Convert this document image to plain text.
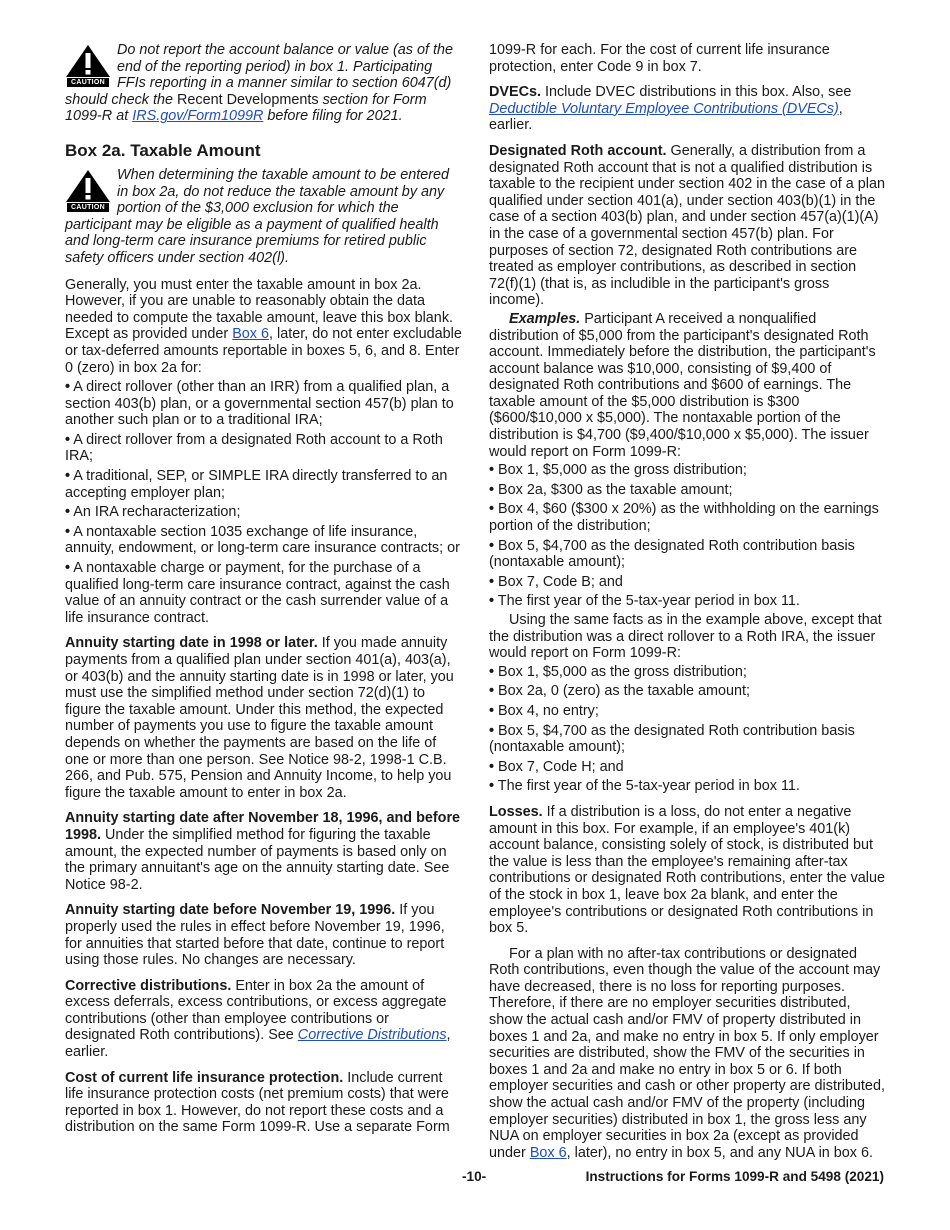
CAUTION
Do not report the account balance or value (as of the end of the reporting period) in box 1. Participating FFIs reporting in a manner similar to section 6047(d) should check the Recent Developments section for Form 1099-R at IRS.gov/Form1099R before filing for 2021.
Box 2a. Taxable Amount
CAUTION
When determining the taxable amount to be entered in box 2a, do not reduce the taxable amount by any portion of the $3,000 exclusion for which the participant may be eligible as a payment of qualified health and long-term care insurance premiums for retired public safety officers under section 402(l).

Generally, you must enter the taxable amount in box 2a. However, if you are unable to reasonably obtain the data needed to compute the taxable amount, leave this box blank. Except as provided under Box 6, later, do not enter excludable or tax-deferred amounts reportable in boxes 5, 6, and 8. Enter 0 (zero) in box 2a for:

• A direct rollover (other than an IRR) from a qualified plan, a section 403(b) plan, or a governmental section 457(b) plan to another such plan or to a traditional IRA;
• A direct rollover from a designated Roth account to a Roth IRA;
• A traditional, SEP, or SIMPLE IRA directly transferred to an accepting employer plan;
• An IRA recharacterization;
• A nontaxable section 1035 exchange of life insurance, annuity, endowment, or long-term care insurance contracts; or
• A nontaxable charge or payment, for the purchase of a qualified long-term care insurance contract, against the cash value of an annuity contract or the cash surrender value of a life insurance contract.

Annuity starting date in 1998 or later. If you made annuity payments from a qualified plan under section 401(a), 403(a), or 403(b) and the annuity starting date is in 1998 or later, you must use the simplified method under section 72(d)(1) to figure the taxable amount. Under this method, the expected number of payments you use to figure the taxable amount depends on whether the payments are based on the life of one or more than one person. See Notice 98-2, 1998-1 C.B. 266, and Pub. 575, Pension and Annuity Income, to help you figure the taxable amount to enter in box 2a.

Annuity starting date after November 18, 1996, and before 1998. Under the simplified method for figuring the taxable amount, the expected number of payments is based only on the primary annuitant's age on the annuity starting date. See Notice 98-2.

Annuity starting date before November 19, 1996. If you properly used the rules in effect before November 19, 1996, for annuities that started before that date, continue to report using those rules. No changes are necessary.

Corrective distributions. Enter in box 2a the amount of excess deferrals, excess contributions, or excess aggregate contributions (other than employee contributions or designated Roth contributions). See Corrective Distributions, earlier.

Cost of current life insurance protection. Include current life insurance protection costs (net premium costs) that were reported in box 1. However, do not report these costs and a distribution on the same Form 1099-R. Use a separate Form

1099-R for each. For the cost of current life insurance protection, enter Code 9 in box 7.

DVECs. Include DVEC distributions in this box. Also, see Deductible Voluntary Employee Contributions (DVECs), earlier.

Designated Roth account. Generally, a distribution from a designated Roth account that is not a qualified distribution is taxable to the recipient under section 402 in the case of a plan qualified under section 401(a), under section 403(b)(1) in the case of a section 403(b) plan, and under section 457(a)(1)(A) in the case of a governmental section 457(b) plan. For purposes of section 72, designated Roth contributions are treated as employer contributions, as described in section 72(f)(1) (that is, as includible in the participant's gross income).

Examples. Participant A received a nonqualified distribution of $5,000 from the participant's designated Roth account. Immediately before the distribution, the participant's account balance was $10,000, consisting of $9,400 of designated Roth contributions and $600 of earnings. The taxable amount of the $5,000 distribution is $300 ($600/$10,000 x $5,000). The nontaxable portion of the distribution is $4,700 ($9,400/$10,000 x $5,000). The issuer would report on Form 1099-R:

• Box 1, $5,000 as the gross distribution;
• Box 2a, $300 as the taxable amount;
• Box 4, $60 ($300 x 20%) as the withholding on the earnings portion of the distribution;
• Box 5, $4,700 as the designated Roth contribution basis (nontaxable amount);
• Box 7, Code B; and
• The first year of the 5-tax-year period in box 11.

Using the same facts as in the example above, except that the distribution was a direct rollover to a Roth IRA, the issuer would report on Form 1099-R:

• Box 1, $5,000 as the gross distribution;
• Box 2a, 0 (zero) as the taxable amount;
• Box 4, no entry;
• Box 5, $4,700 as the designated Roth contribution basis (nontaxable amount);
• Box 7, Code H; and
• The first year of the 5-tax-year period in box 11.

Losses. If a distribution is a loss, do not enter a negative amount in this box. For example, if an employee's 401(k) account balance, consisting solely of stock, is distributed but the value is less than the employee's remaining after-tax contributions or designated Roth contributions, enter the value of the stock in box 1, leave box 2a blank, and enter the employee's contributions or designated Roth contributions in box 5.

For a plan with no after-tax contributions or designated Roth contributions, even though the value of the account may have decreased, there is no loss for reporting purposes. Therefore, if there are no employer securities distributed, show the actual cash and/or FMV of property distributed in boxes 1 and 2a, and make no entry in box 5. If only employer securities are distributed, show the FMV of the securities in boxes 1 and 2a and make no entry in box 5 or 6. If both employer securities and cash or other property are distributed, show the actual cash and/or FMV of the property (including employer securities) distributed in box 1, the gross less any NUA on employer securities in box 2a (except as provided under Box 6, later), no entry in box 5, and any NUA in box 6.

-10-	Instructions for Forms 1099-R and 5498 (2021)
